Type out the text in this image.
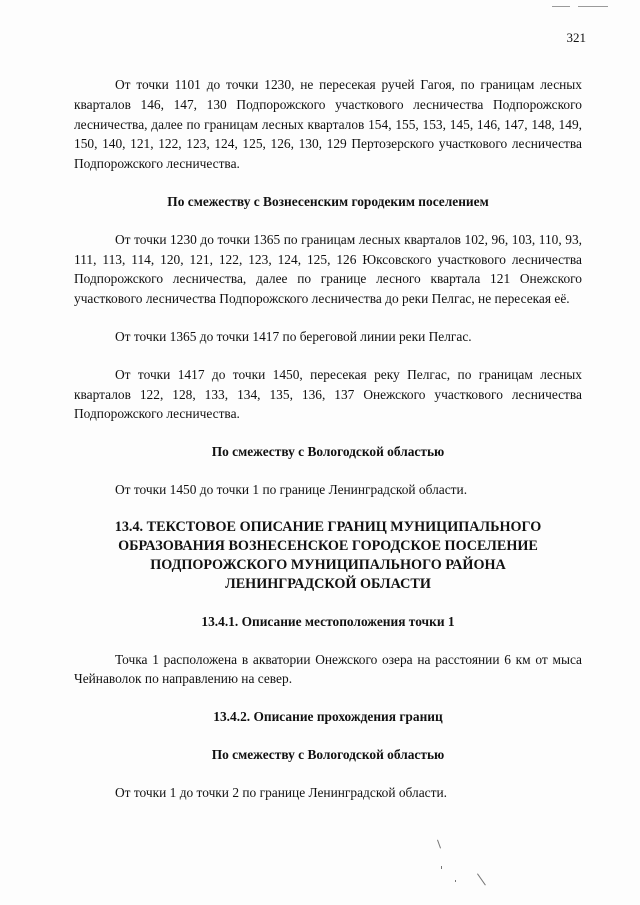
321

От точки 1101 до точки 1230, не пересекая ручей Гагоя, по границам лесных кварталов 146, 147, 130 Подпорожского участкового лесничества Подпорожского лесничества, далее по границам лесных кварталов 154, 155, 153, 145, 146, 147, 148, 149, 150, 140, 121, 122, 123, 124, 125, 126, 130, 129 Пертозерского участкового лесничества Подпорожского лесничества.

По смежеству с Вознесенским городеким поселением

От точки 1230 до точки 1365 по границам лесных кварталов 102, 96, 103, 110, 93, 111, 113, 114, 120, 121, 122, 123, 124, 125, 126 Юксовского участкового лесничества Подпорожского лесничества, далее по границе лесного квартала 121 Онежского участкового лесничества Подпорожского лесничества до реки Пелгас, не пересекая её.

От точки 1365 до точки 1417 по береговой линии реки Пелгас.

От точки 1417 до точки 1450, пересекая реку Пелгас, по границам лесных кварталов 122, 128, 133, 134, 135, 136, 137 Онежского участкового лесничества Подпорожского лесничества.

По смежеству с Вологодской областью

От точки 1450 до точки 1 по границе Ленинградской области.

13.4. ТЕКСТОВОЕ ОПИСАНИЕ ГРАНИЦ МУНИЦИПАЛЬНОГО

ОБРАЗОВАНИЯ ВОЗНЕСЕНСКОЕ ГОРОДСКОЕ ПОСЕЛЕНИЕ

ПОДПОРОЖСКОГО МУНИЦИПАЛЬНОГО РАЙОНА

ЛЕНИНГРАДСКОЙ ОБЛАСТИ

13.4.1. Описание местоположения точки 1

Точка 1 расположена в акватории Онежского озера на расстоянии 6 км от мыса Чейнаволок по направлению на север.

13.4.2. Описание прохождения границ

По смежеству с Вологодской областью

От точки 1 до точки 2 по границе Ленинградской области.
